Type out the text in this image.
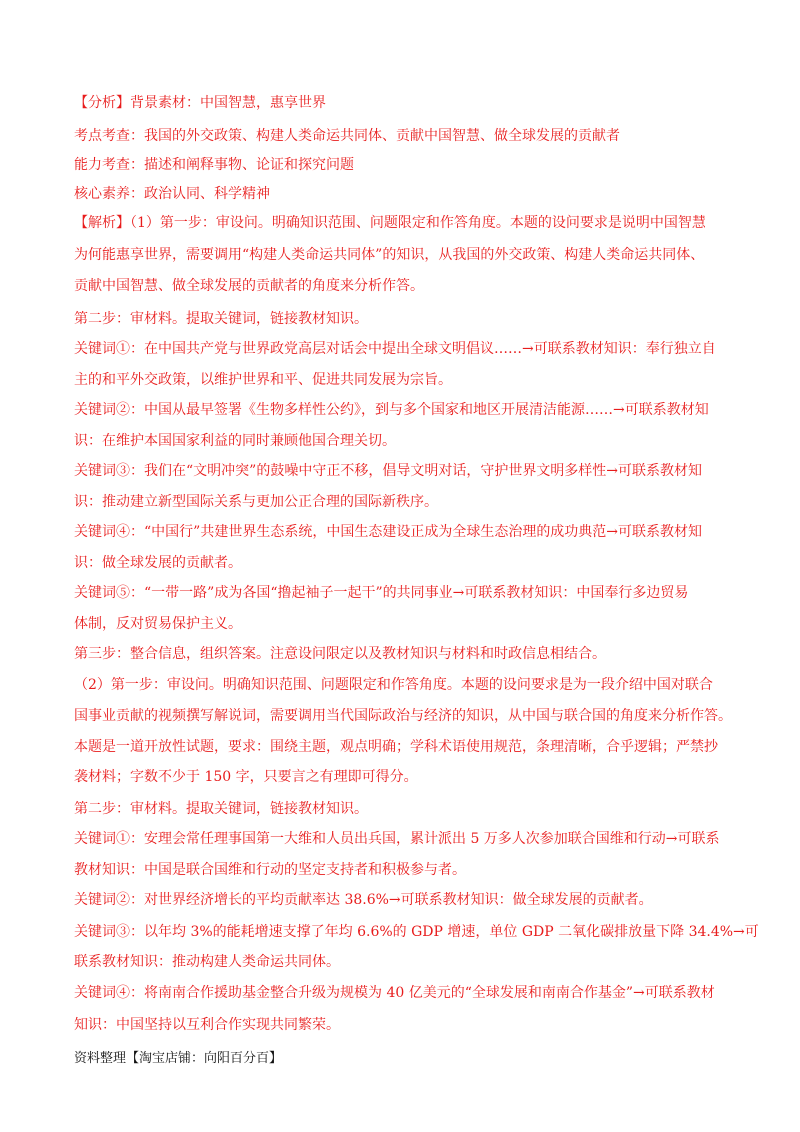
【分析】背景素材：中国智慧，惠享世界
考点考查：我国的外交政策、构建人类命运共同体、贡献中国智慧、做全球发展的贡献者
能力考查：描述和阐释事物、论证和探究问题
核心素养：政治认同、科学精神
【解析】（1）第一步：审设问。明确知识范围、问题限定和作答角度。本题的设问要求是说明中国智慧
为何能惠享世界，需要调用“构建人类命运共同体”的知识，从我国的外交政策、构建人类命运共同体、
贡献中国智慧、做全球发展的贡献者的角度来分析作答。
第二步：审材料。提取关键词，链接教材知识。
关键词①：在中国共产党与世界政党高层对话会中提出全球文明倡议……→可联系教材知识：奉行独立自
主的和平外交政策，以维护世界和平、促进共同发展为宗旨。
关键词②：中国从最早签署《生物多样性公约》，到与多个国家和地区开展清洁能源……→可联系教材知
识：在维护本国国家利益的同时兼顾他国合理关切。
关键词③：我们在“文明冲突”的鼓噪中守正不移，倡导文明对话，守护世界文明多样性→可联系教材知
识：推动建立新型国际关系与更加公正合理的国际新秩序。
关键词④：“中国行”共建世界生态系统，中国生态建设正成为全球生态治理的成功典范→可联系教材知
识：做全球发展的贡献者。
关键词⑤：“一带一路”成为各国“撸起袖子一起干”的共同事业→可联系教材知识：中国奉行多边贸易
体制，反对贸易保护主义。
第三步：整合信息，组织答案。注意设问限定以及教材知识与材料和时政信息相结合。
（2）第一步：审设问。明确知识范围、问题限定和作答角度。本题的设问要求是为一段介绍中国对联合
国事业贡献的视频撰写解说词，需要调用当代国际政治与经济的知识，从中国与联合国的角度来分析作答。
本题是一道开放性试题，要求：围绕主题，观点明确；学科术语使用规范，条理清晰，合乎逻辑；严禁抄
袭材料；字数不少于 150 字，只要言之有理即可得分。
第二步：审材料。提取关键词，链接教材知识。
关键词①：安理会常任理事国第一大维和人员出兵国，累计派出 5 万多人次参加联合国维和行动→可联系
教材知识：中国是联合国维和行动的坚定支持者和积极参与者。
关键词②：对世界经济增长的平均贡献率达 38.6%→可联系教材知识：做全球发展的贡献者。
关键词③：以年均 3%的能耗增速支撑了年均 6.6%的 GDP 增速，单位 GDP 二氧化碳排放量下降 34.4%→可
联系教材知识：推动构建人类命运共同体。
关键词④：将南南合作援助基金整合升级为规模为 40 亿美元的“全球发展和南南合作基金”→可联系教材
知识：中国坚持以互利合作实现共同繁荣。
资料整理【淘宝店铺：向阳百分百】
